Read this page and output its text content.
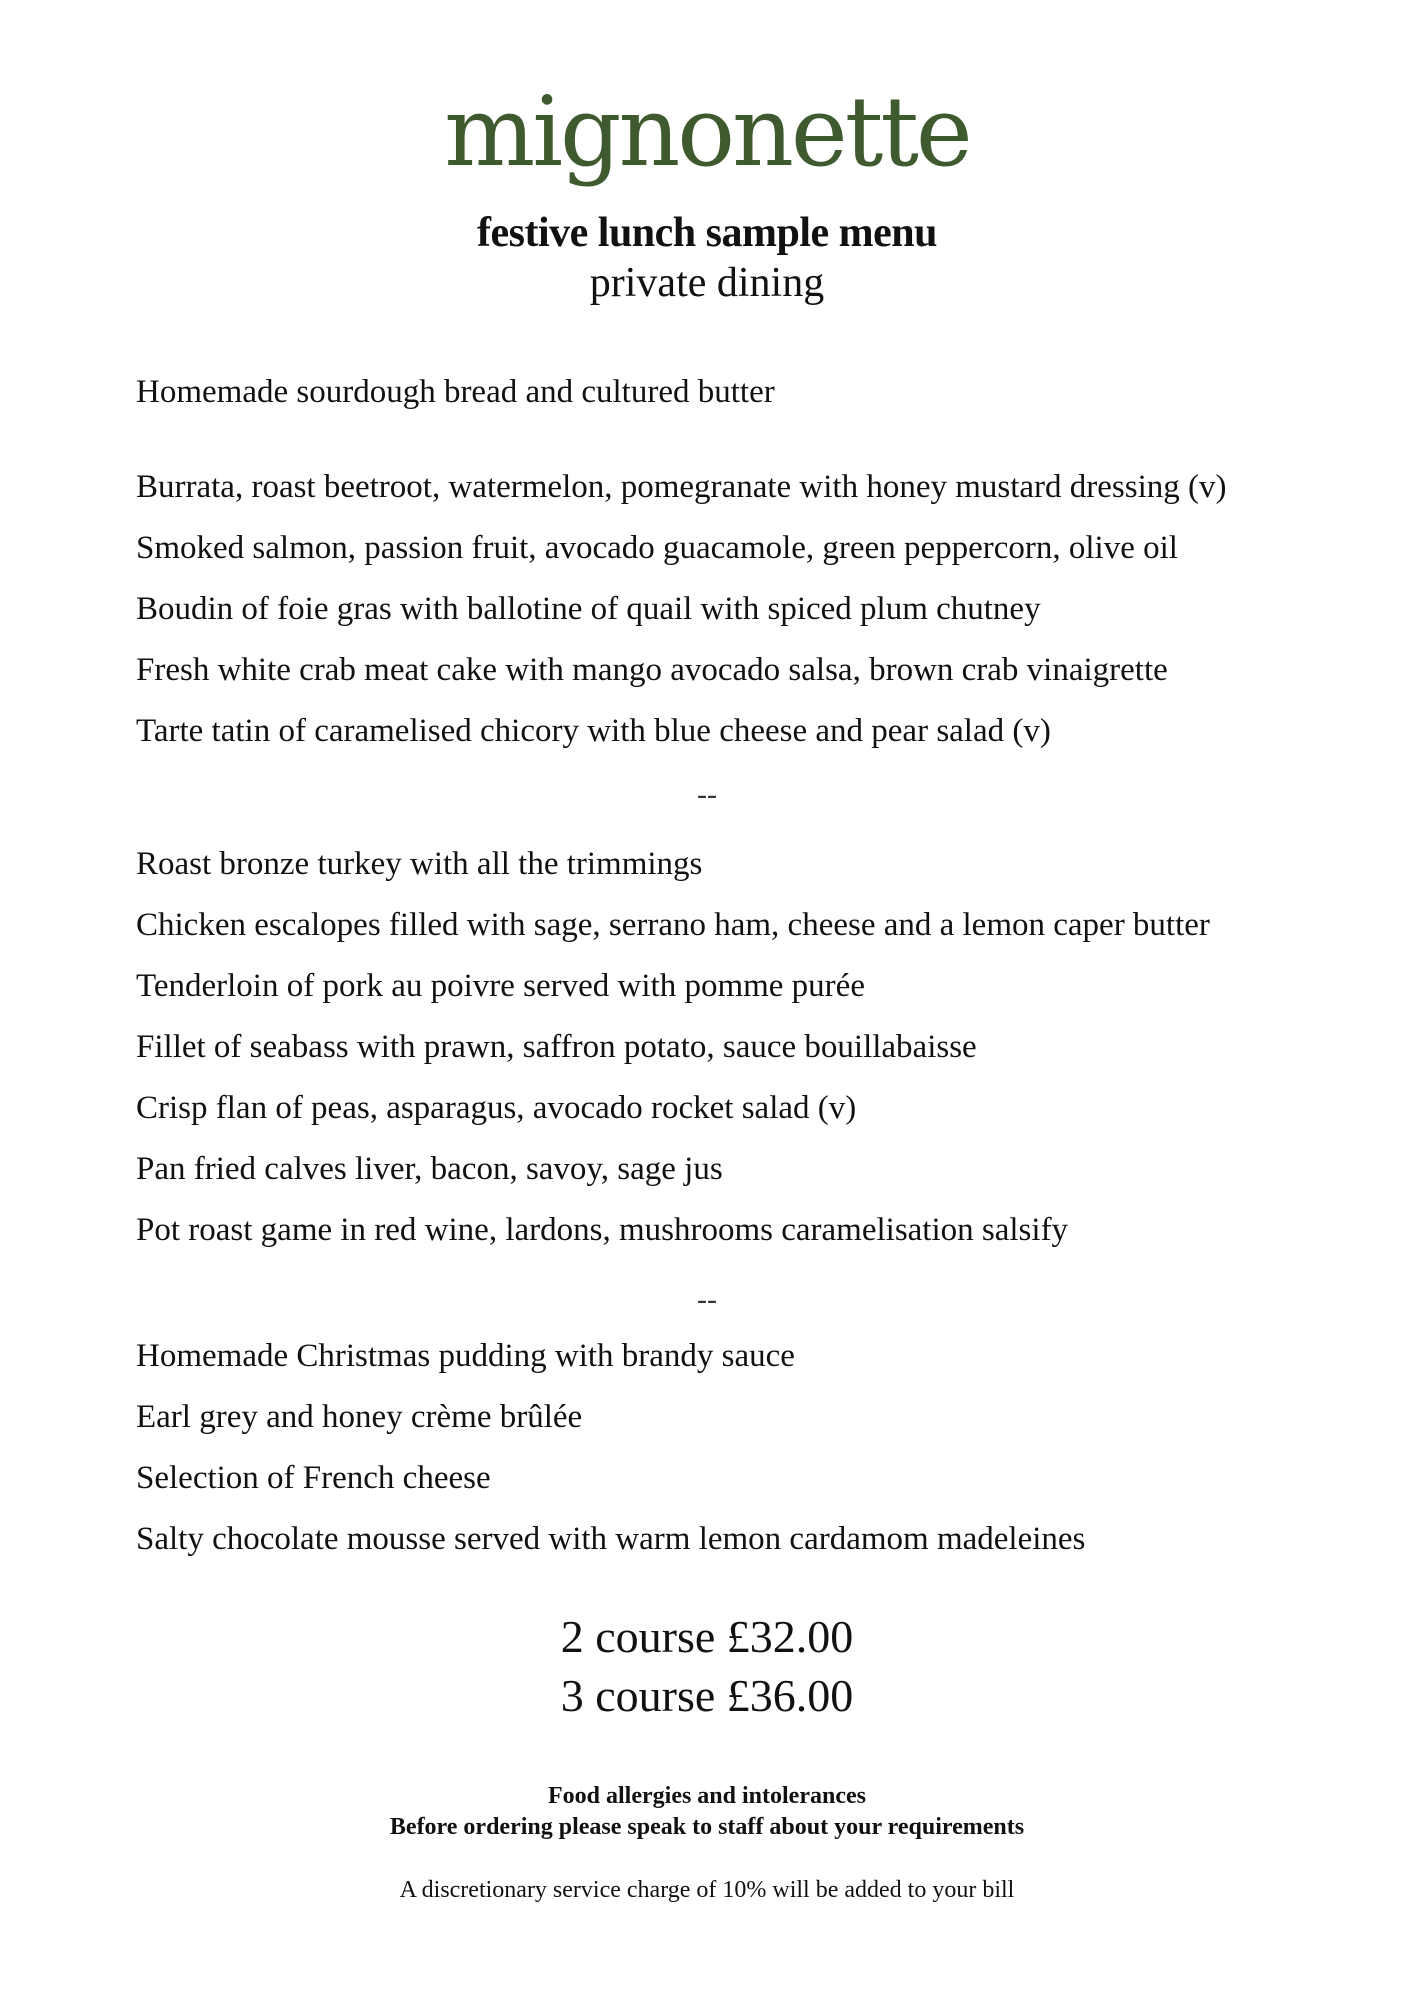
mignonette
festive lunch sample menu
private dining
Homemade sourdough bread and cultured butter
Burrata, roast beetroot, watermelon, pomegranate with honey mustard dressing (v)
Smoked salmon, passion fruit, avocado guacamole, green peppercorn, olive oil
Boudin of foie gras with ballotine of quail with spiced plum chutney
Fresh white crab meat cake with mango avocado salsa, brown crab vinaigrette
Tarte tatin of caramelised chicory with blue cheese and pear salad (v)
--
Roast bronze turkey with all the trimmings
Chicken escalopes filled with sage, serrano ham, cheese and a lemon caper butter
Tenderloin of pork au poivre served with pomme purée
Fillet of seabass with prawn, saffron potato, sauce bouillabaisse
Crisp flan of peas, asparagus, avocado rocket salad (v)
Pan fried calves liver, bacon, savoy, sage jus
Pot roast game in red wine, lardons, mushrooms caramelisation salsify
--
Homemade Christmas pudding with brandy sauce
Earl grey and honey crème brûlée
Selection of French cheese
Salty chocolate mousse served with warm lemon cardamom madeleines
2 course £32.00
3 course £36.00
Food allergies and intolerances
Before ordering please speak to staff about your requirements
A discretionary service charge of 10% will be added to your bill
